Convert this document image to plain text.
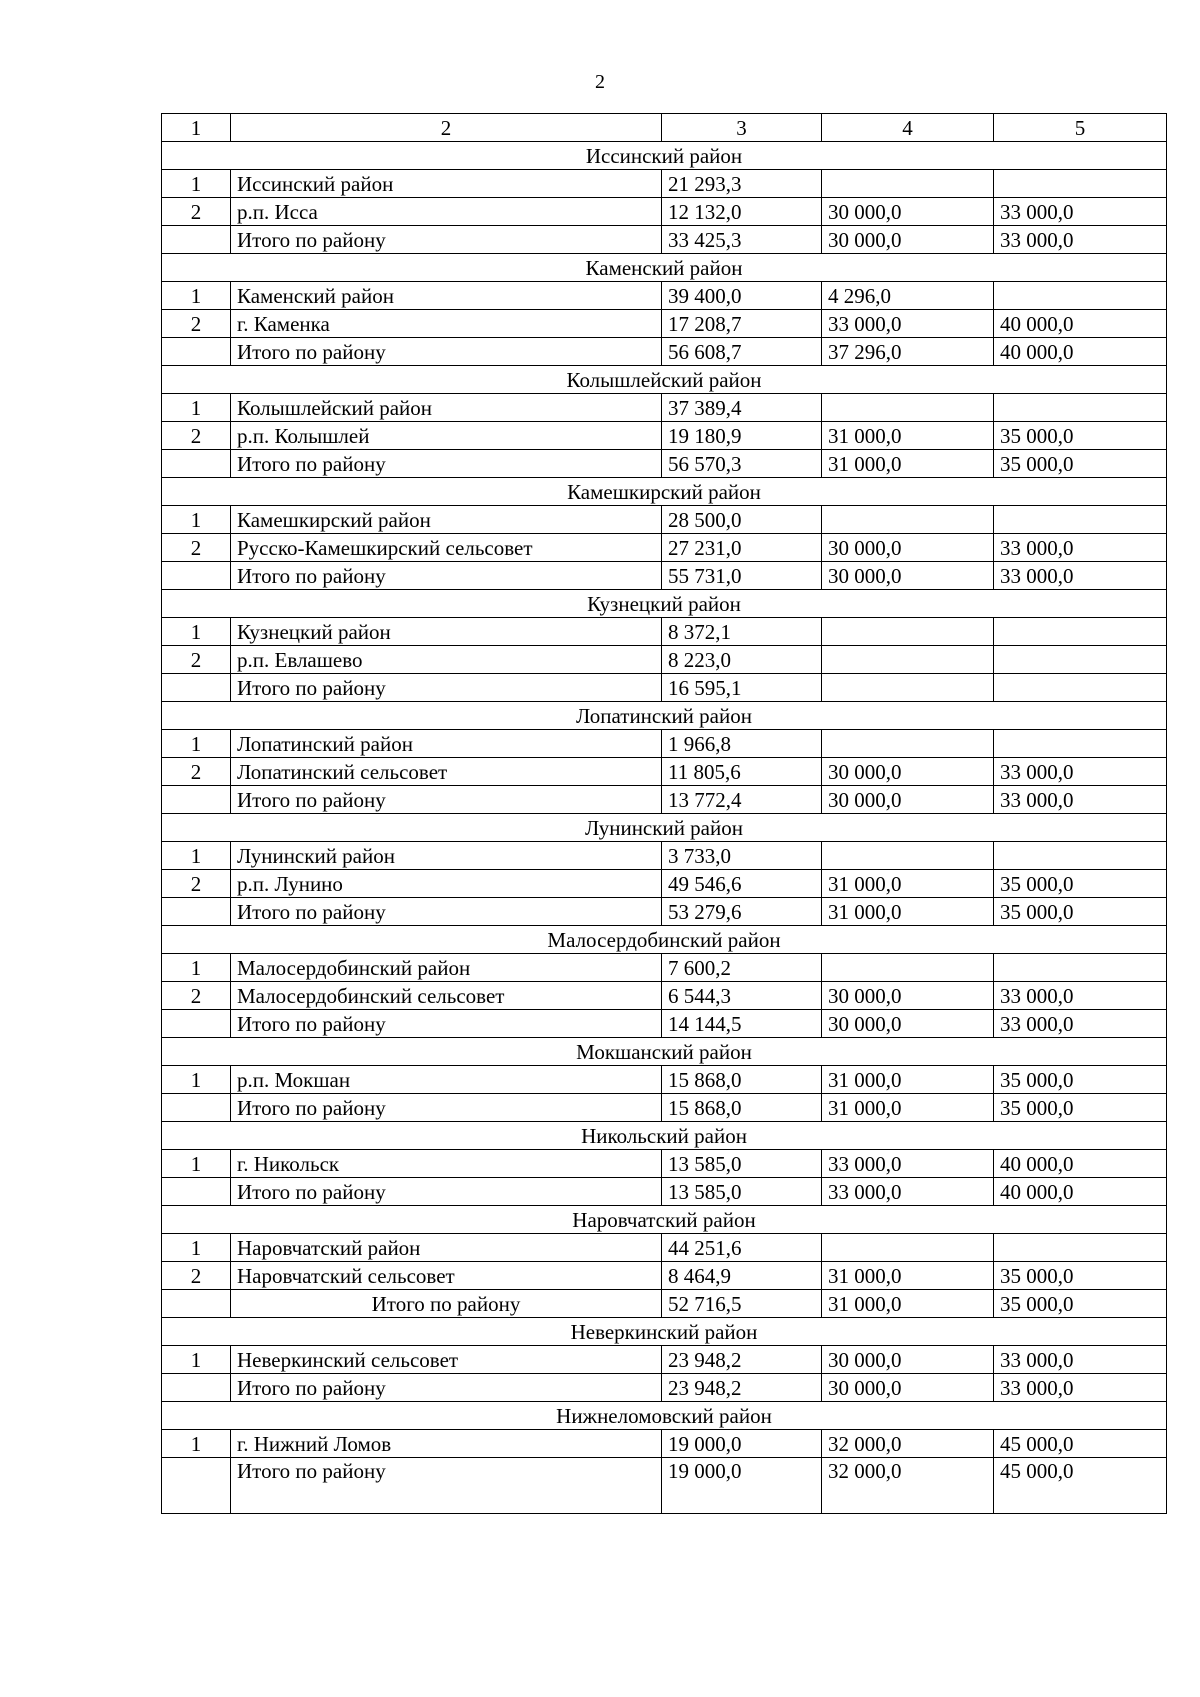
2
1	2	3	4	5
Иссинский район				
1	Иссинский район	21 293,3		
2	р.п. Исса	12 132,0	30 000,0	33 000,0
	Итого по району	33 425,3	30 000,0	33 000,0
Каменский район				
1	Каменский район	39 400,0	4 296,0	
2	г. Каменка	17 208,7	33 000,0	40 000,0
	Итого по району	56 608,7	37 296,0	40 000,0
Колышлейский район				
1	Колышлейский район	37 389,4		
2	р.п. Колышлей	19 180,9	31 000,0	35 000,0
	Итого по району	56 570,3	31 000,0	35 000,0
Камешкирский район				
1	Камешкирский район	28 500,0		
2	Русско-Камешкирский сельсовет	27 231,0	30 000,0	33 000,0
	Итого по району	55 731,0	30 000,0	33 000,0
Кузнецкий район				
1	Кузнецкий район	8 372,1		
2	р.п. Евлашево	8 223,0		
	Итого по району	16 595,1		
Лопатинский район				
1	Лопатинский район	1 966,8		
2	Лопатинский сельсовет	11 805,6	30 000,0	33 000,0
	Итого по району	13 772,4	30 000,0	33 000,0
Лунинский район				
1	Лунинский район	3 733,0		
2	р.п. Лунино	49 546,6	31 000,0	35 000,0
	Итого по району	53 279,6	31 000,0	35 000,0
Малосердобинский район				
1	Малосердобинский район	7 600,2		
2	Малосердобинский сельсовет	6 544,3	30 000,0	33 000,0
	Итого по району	14 144,5	30 000,0	33 000,0
Мокшанский район				
1	р.п. Мокшан	15 868,0	31 000,0	35 000,0
	Итого по району	15 868,0	31 000,0	35 000,0
Никольский район				
1	г. Никольск	13 585,0	33 000,0	40 000,0
	Итого по району	13 585,0	33 000,0	40 000,0
Наровчатский район				
1	Наровчатский район	44 251,6		
2	Наровчатский сельсовет	8 464,9	31 000,0	35 000,0
	Итого по району	52 716,5	31 000,0	35 000,0
Неверкинский район				
1	Неверкинский сельсовет	23 948,2	30 000,0	33 000,0
	Итого по району	23 948,2	30 000,0	33 000,0
Нижнеломовский район				
1	г. Нижний Ломов	19 000,0	32 000,0	45 000,0
	Итого по району	19 000,0	32 000,0	45 000,0
